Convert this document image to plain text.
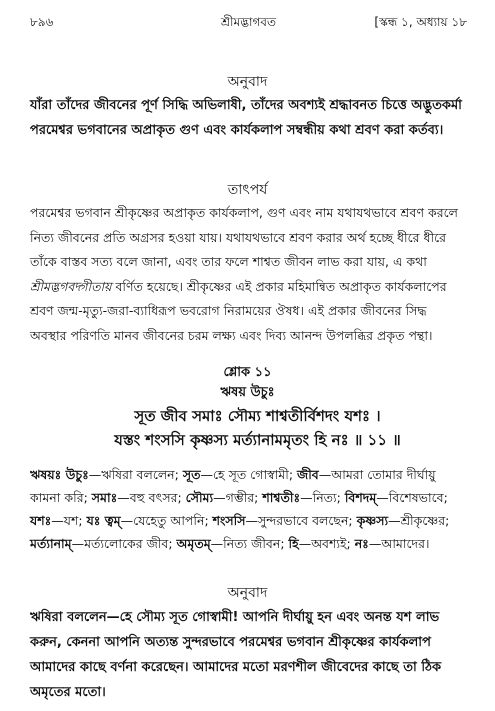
৮৯৬	শ্রীমদ্ভাগবত	[স্কন্ধ ১, অধ্যায় ১৮
অনুবাদ

যাঁরা তাঁদের জীবনের পূর্ণ সিদ্ধি অভিলাষী, তাঁদের অবশ্যই শ্রদ্ধাবনত চিত্তে অদ্ভুতকর্মা পরমেশ্বর ভগবানের অপ্রাকৃত গুণ এবং কার্যকলাপ সম্বন্ধীয় কথা শ্রবণ করা কর্তব্য।

তাৎপর্য

পরমেশ্বর ভগবান শ্রীকৃষ্ণের অপ্রাকৃত কার্যকলাপ, গুণ এবং নাম যথাযথভাবে শ্রবণ করলে নিত্য জীবনের প্রতি অগ্রসর হওয়া যায়। যথাযথভাবে শ্রবণ করার অর্থ হচ্ছে ধীরে ধীরে তাঁকে বাস্তব সত্য বলে জানা, এবং তার ফলে শাশ্বত জীবন লাভ করা যায়, এ কথা শ্রীমদ্ভগবদ্গীতায় বর্ণিত হয়েছে। শ্রীকৃষ্ণের এই প্রকার মহিমান্বিত অপ্রাকৃত কার্যকলাপের শ্রবণ জন্ম-মৃত্যু-জরা-ব্যাধিরূপ ভবরোগ নিরাময়ের ঔষধ। এই প্রকার জীবনের সিদ্ধ অবস্থার পরিণতি মানব জীবনের চরম লক্ষ্য এবং দিব্য আনন্দ উপলব্ধির প্রকৃত পন্থা।

শ্লোক ১১
ঋষয় উচুঃ
সূত জীব সমাঃ সৌম্য শাশ্বতীর্বিশদং যশঃ ।
যস্তং শংসসি কৃষ্ণস্য মর্ত্যানামমৃতং হি নঃ ॥ ১১ ॥

ঋষয়ঃ উচুঃ—ঋষিরা বললেন; সূত—হে সূত গোস্বামী; জীব—আমরা তোমার দীর্ঘায়ু কামনা করি; সমাঃ—বহু বৎসর; সৌম্য—গম্ভীর; শাশ্বতীঃ—নিত্য; বিশদম্—বিশেষভাবে; যশঃ—যশ; যঃ ত্বম্—যেহেতু আপনি; শংসসি—সুন্দরভাবে বলছেন; কৃষ্ণস্য—শ্রীকৃষ্ণের; মর্ত্যানাম্—মর্ত্যলোকের জীব; অমৃতম্—নিত্য জীবন; হি—অবশ্যই; নঃ—আমাদের।

অনুবাদ

ঋষিরা বললেন—হে সৌম্য সূত গোস্বামী! আপনি দীর্ঘায়ু হন এবং অনন্ত যশ লাভ করুন, কেননা আপনি অত্যন্ত সুন্দরভাবে পরমেশ্বর ভগবান শ্রীকৃষ্ণের কার্যকলাপ আমাদের কাছে বর্ণনা করেছেন। আমাদের মতো মরণশীল জীবেদের কাছে তা ঠিক অমৃতের মতো।
